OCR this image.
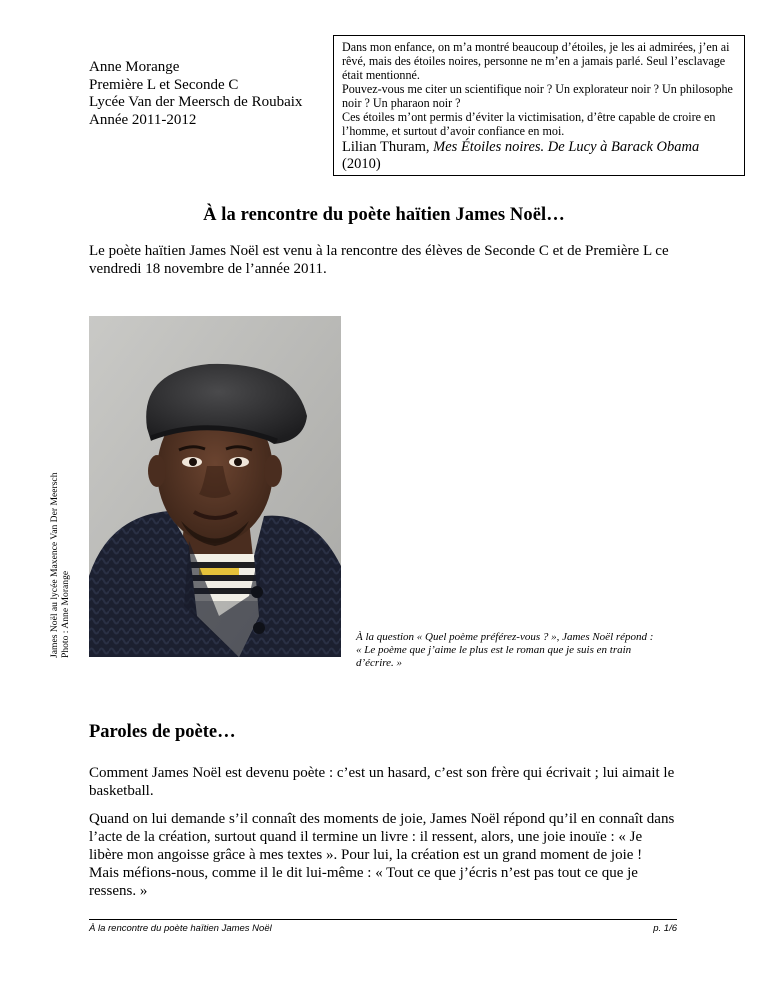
Anne Morange
Première L et Seconde C
Lycée Van der Meersch de Roubaix
Année 2011-2012

Dans mon enfance, on m’a montré beaucoup d’étoiles, je les ai admirées, j’en ai rêvé, mais des étoiles noires, personne ne m’en a jamais parlé. Seul l’esclavage était mentionné.

Pouvez-vous me citer un scientifique noir ? Un explorateur noir ? Un philosophe noir ? Un pharaon noir ?

Ces étoiles m’ont permis d’éviter la victimisation, d’être capable de croire en l’homme, et surtout d’avoir confiance en moi.

Lilian Thuram, Mes Étoiles noires. De Lucy à Barack Obama (2010)
À la rencontre du poète haïtien James Noël…
Le poète haïtien James Noël est venu à la rencontre des élèves de Seconde C et de Première L ce vendredi 18 novembre de l’année 2011.
James Noël au lycée Maxence Van Der Meersch Photo : Anne Morange	À la question « Quel poème préférez-vous ? », James Noël répond : « Le poème que j’aime le plus est le roman que je suis en train d’écrire. »
Paroles de poète…
Comment James Noël est devenu poète : c’est un hasard, c’est son frère qui écrivait ; lui aimait le basketball.

Quand on lui demande s’il connaît des moments de joie, James Noël répond qu’il en connaît dans l’acte de la création, surtout quand il termine un livre : il ressent, alors, une joie inouïe : « Je libère mon angoisse grâce à mes textes ». Pour lui, la création est un grand moment de joie !

Mais méfions-nous, comme il le dit lui-même : « Tout ce que j’écris n’est pas tout ce que je ressens. »

À la rencontre du poète haïtien James Noël	p. 1/6
